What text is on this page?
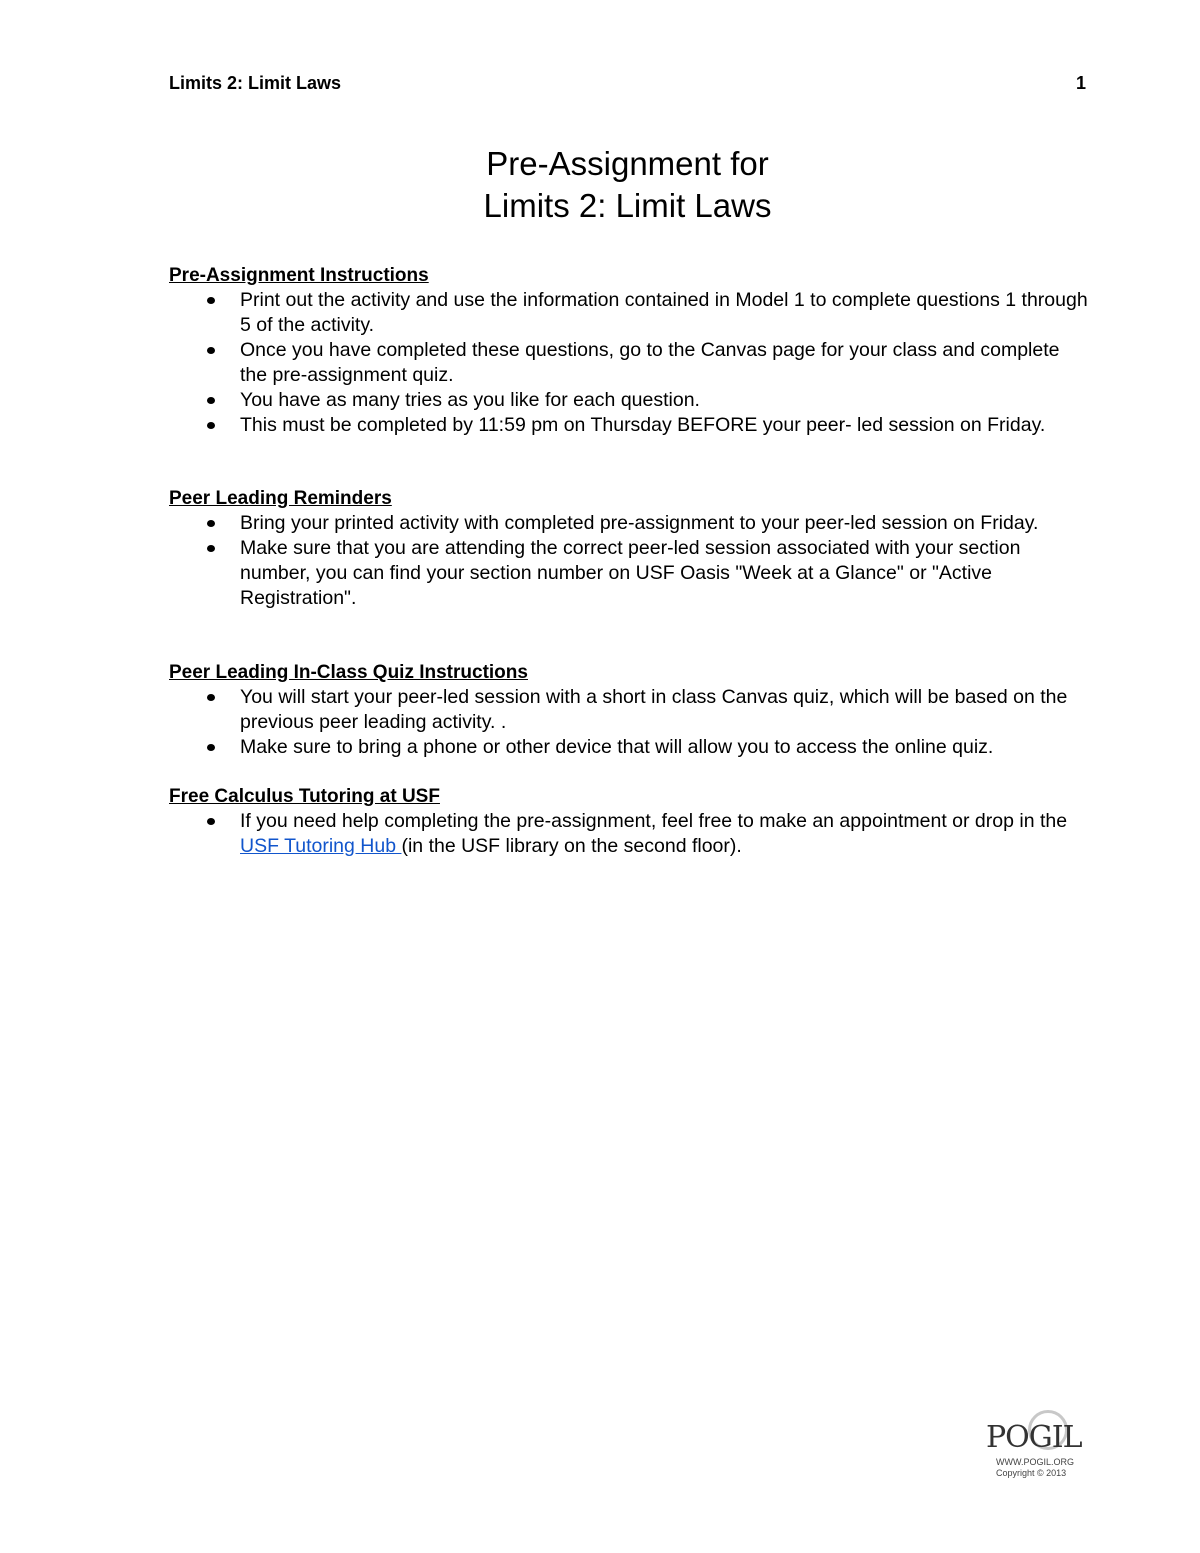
Limits 2: Limit Laws	1
Pre-Assignment for
Limits 2: Limit Laws
Pre-Assignment Instructions
Print out the activity and use the information contained in Model 1 to complete questions 1 through 5 of the activity.
Once you have completed these questions, go to the Canvas page for your class and complete the pre-assignment quiz.
You have as many tries as you like for each question.
This must be completed by 11:59 pm on Thursday BEFORE your peer- led session on Friday.
Peer Leading Reminders
Bring your printed activity with completed pre-assignment to your peer-led session on Friday.
Make sure that you are attending the correct peer-led session associated with your section number, you can find your section number on USF Oasis "Week at a Glance" or "Active Registration".
Peer Leading In-Class Quiz Instructions
You will start your peer-led session with a short in class Canvas quiz, which will be based on the previous peer leading activity. .
Make sure to bring a phone or other device that will allow you to access the online quiz.
Free Calculus Tutoring at USF
If you need help completing the pre-assignment, feel free to make an appointment or drop in the USF Tutoring Hub (in the USF library on the second floor).
POGIL
WWW.POGIL.ORG
Copyright © 2013
